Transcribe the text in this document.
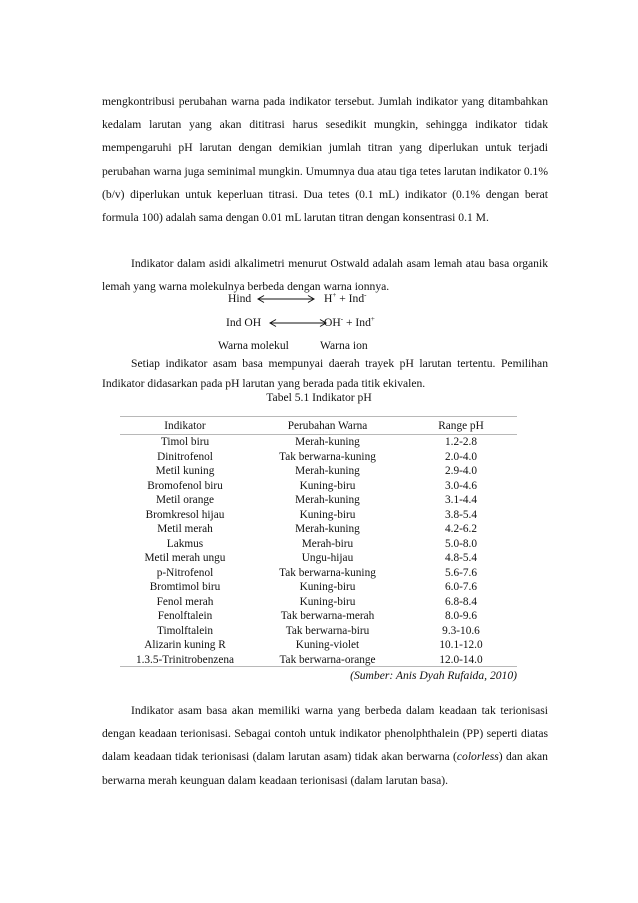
mengkontribusi perubahan warna pada indikator tersebut. Jumlah indikator yang ditambahkan kedalam larutan yang akan dititrasi harus sesedikit mungkin, sehingga indikator tidak mempengaruhi pH larutan dengan demikian jumlah titran yang diperlukan untuk terjadi perubahan warna juga seminimal mungkin. Umumnya dua atau tiga tetes larutan indikator 0.1% (b/v) diperlukan untuk keperluan titrasi. Dua tetes (0.1 mL) indikator (0.1% dengan berat formula 100) adalah sama dengan 0.01 mL larutan titran dengan konsentrasi 0.1 M.

Indikator dalam asidi alkalimetri menurut Ostwald adalah asam lemah atau basa organik lemah yang warna molekulnya berbeda dengan warna ionnya.

Hind	H+ + Ind-
Ind OH	OH- + Ind+
Warna molekul	Warna ion

Setiap indikator asam basa mempunyai daerah trayek pH larutan tertentu. Pemilihan Indikator didasarkan pada pH larutan yang berada pada titik ekivalen.

Tabel 5.1 Indikator pH
Indikator	Perubahan Warna	Range pH
Timol biru	Merah-kuning	1.2-2.8
Dinitrofenol	Tak berwarna-kuning	2.0-4.0
Metil kuning	Merah-kuning	2.9-4.0
Bromofenol biru	Kuning-biru	3.0-4.6
Metil orange	Merah-kuning	3.1-4.4
Bromkresol hijau	Kuning-biru	3.8-5.4
Metil merah	Merah-kuning	4.2-6.2
Lakmus	Merah-biru	5.0-8.0
Metil merah ungu	Ungu-hijau	4.8-5.4
p-Nitrofenol	Tak berwarna-kuning	5.6-7.6
Bromtimol biru	Kuning-biru	6.0-7.6
Fenol merah	Kuning-biru	6.8-8.4
Fenolftalein	Tak berwarna-merah	8.0-9.6
Timolftalein	Tak berwarna-biru	9.3-10.6
Alizarin kuning R	Kuning-violet	10.1-12.0
1.3.5-Trinitrobenzena	Tak berwarna-orange	12.0-14.0
(Sumber: Anis Dyah Rufaida, 2010)

Indikator asam basa akan memiliki warna yang berbeda dalam keadaan tak terionisasi dengan keadaan terionisasi. Sebagai contoh untuk indikator phenolphthalein (PP) seperti diatas dalam keadaan tidak terionisasi (dalam larutan asam) tidak akan berwarna (colorless) dan akan berwarna merah keunguan dalam keadaan terionisasi (dalam larutan basa).
